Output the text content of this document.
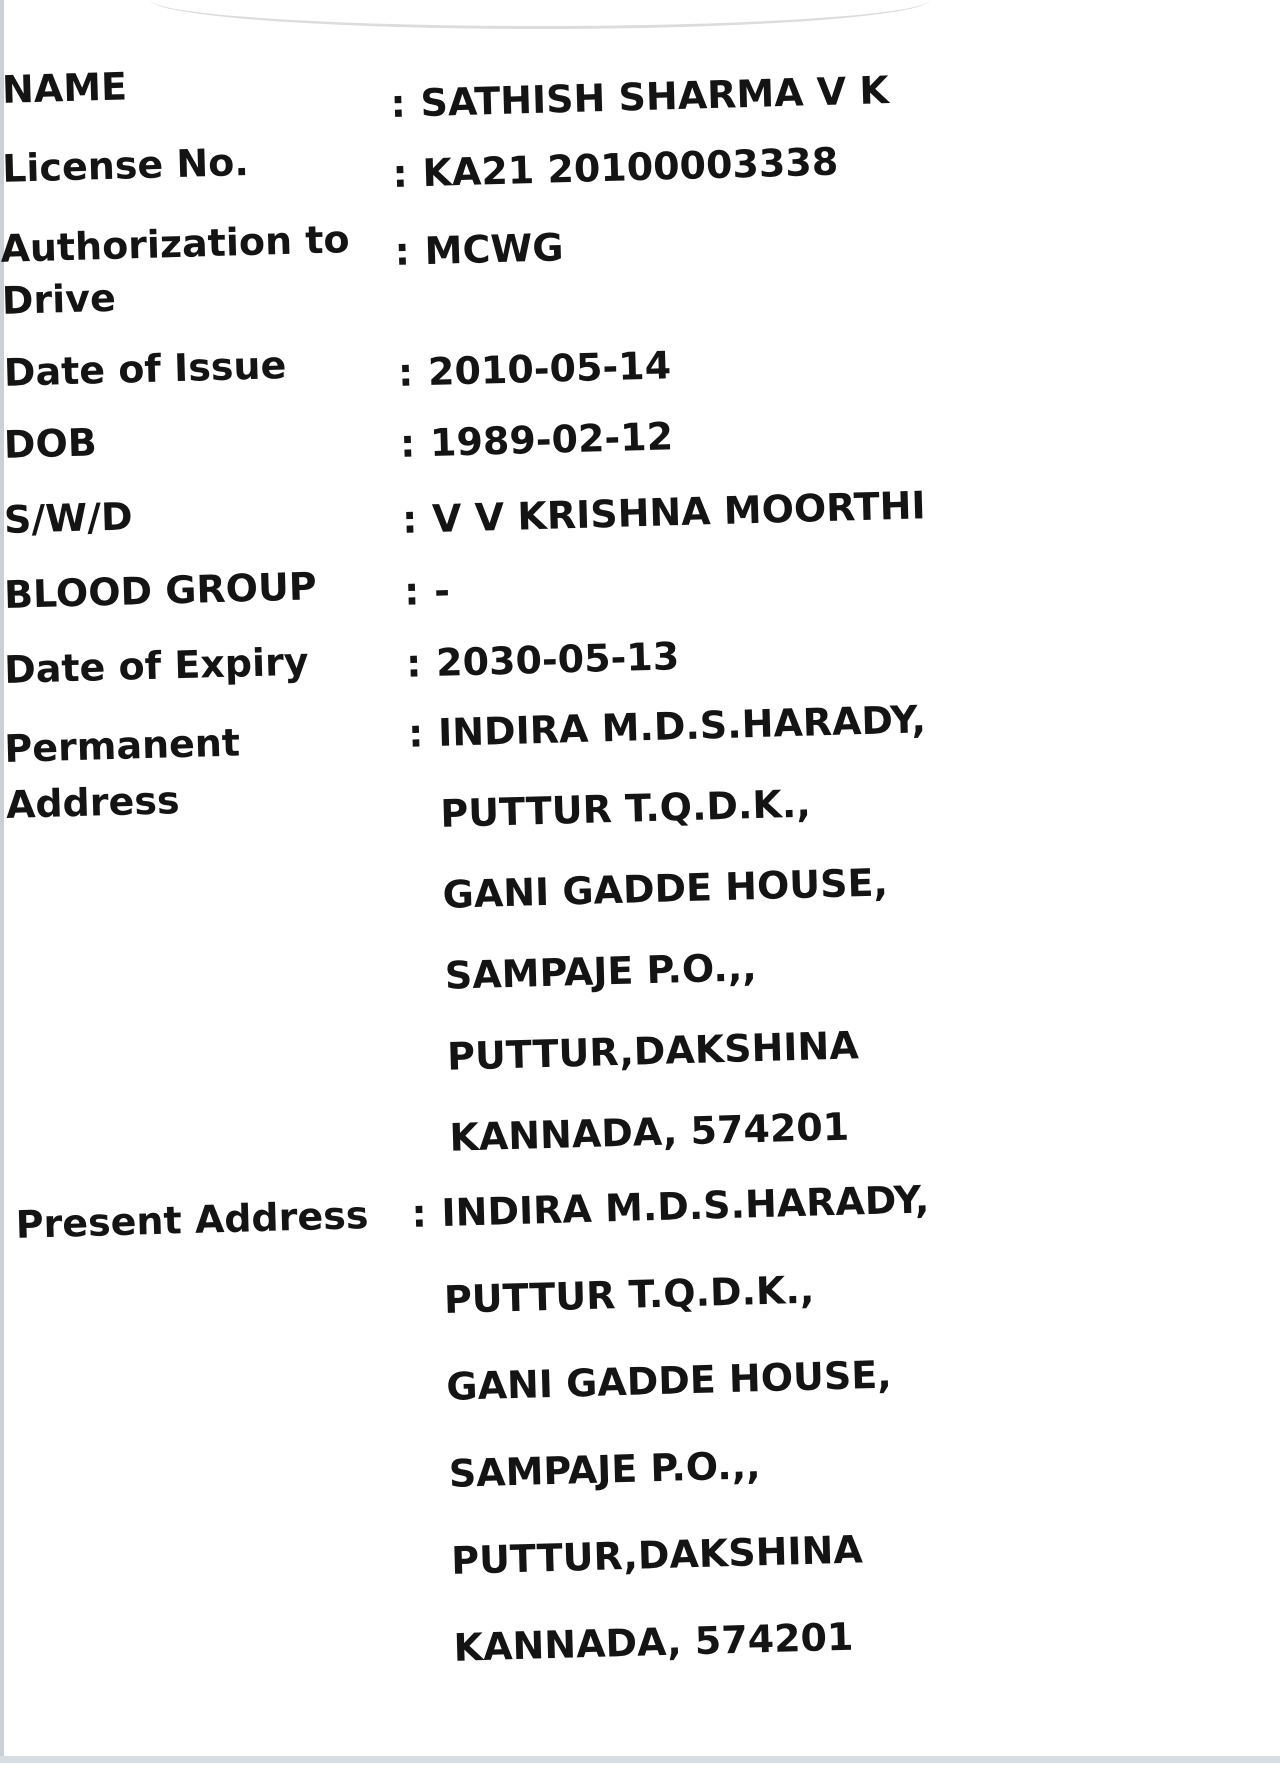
NAME	: SATHISH SHARMA V K
License No.	: KA21 20100003338
Authorization to
Drive
: MCWG
Date of Issue	: 2010-05-14
DOB	: 1989-02-12
S/W/D	: V V KRISHNA MOORTHI
BLOOD GROUP : -
Date of Expiry	: 2030-05-13
Permanent
Address
: INDIRA M.D.S.HARADY,
PUTTUR T.Q.D.K.,
GANI GADDE HOUSE,
SAMPAJE P.O.,,
PUTTUR,DAKSHINA
KANNADA, 574201
Present Address : INDIRA M.D.S.HARADY,
PUTTUR T.Q.D.K.,
GANI GADDE HOUSE,
SAMPAJE P.O.,,
PUTTUR,DAKSHINA
KANNADA, 574201
